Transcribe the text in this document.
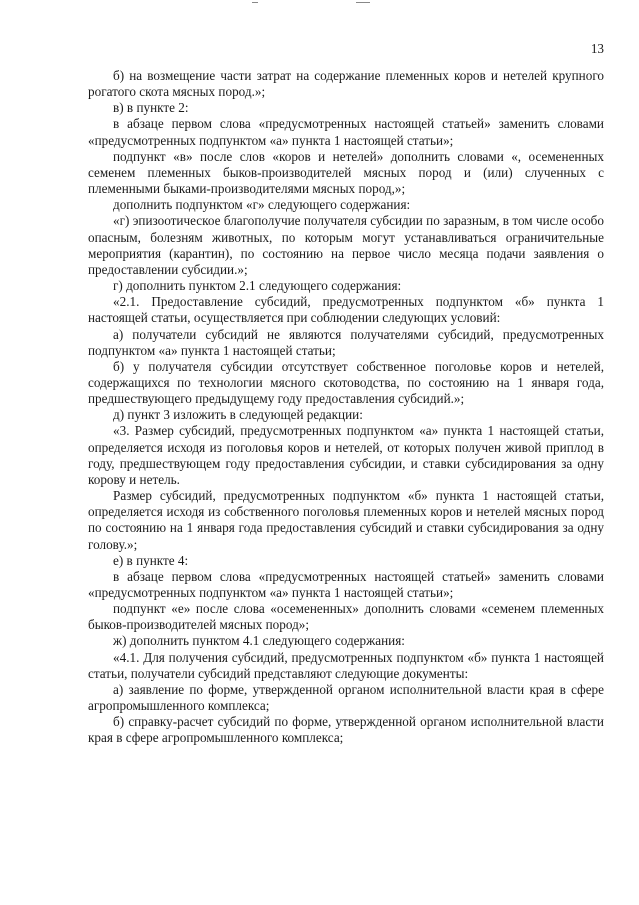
13

б) на возмещение части затрат на содержание племенных коров и нетелей крупного рогатого скота мясных пород.»;

в) в пункте 2:

в абзаце первом слова «предусмотренных настоящей статьей» заменить словами «предусмотренных подпунктом «а» пункта 1 настоящей статьи»;

подпункт «в» после слов «коров и нетелей» дополнить словами «, осемененных семенем племенных быков-производителей мясных пород и (или) слученных с племенными быками-производителями мясных пород,»;

дополнить подпунктом «г» следующего содержания:

«г) эпизоотическое благополучие получателя субсидии по заразным, в том числе особо опасным, болезням животных, по которым могут устанавливаться ограничительные мероприятия (карантин), по состоянию на первое число месяца подачи заявления о предоставлении субсидии.»;

г) дополнить пунктом 2.1 следующего содержания:

«2.1. Предоставление субсидий, предусмотренных подпунктом «б» пункта 1 настоящей статьи, осуществляется при соблюдении следующих условий:

а) получатели субсидий не являются получателями субсидий, предусмотренных подпунктом «а» пункта 1 настоящей статьи;

б) у получателя субсидии отсутствует собственное поголовье коров и нетелей, содержащихся по технологии мясного скотоводства, по состоянию на 1 января года, предшествующего предыдущему году предоставления субсидий.»;

д) пункт 3 изложить в следующей редакции:

«3. Размер субсидий, предусмотренных подпунктом «а» пункта 1 настоящей статьи, определяется исходя из поголовья коров и нетелей, от которых получен живой приплод в году, предшествующем году предоставления субсидии, и ставки субсидирования за одну корову и нетель.

Размер субсидий, предусмотренных подпунктом «б» пункта 1 настоящей статьи, определяется исходя из собственного поголовья племенных коров и нетелей мясных пород по состоянию на 1 января года предоставления субсидий и ставки субсидирования за одну голову.»;

е) в пункте 4:

в абзаце первом слова «предусмотренных настоящей статьей» заменить словами «предусмотренных подпунктом «а» пункта 1 настоящей статьи»;

подпункт «е» после слова «осемененных» дополнить словами «семенем племенных быков-производителей мясных пород»;

ж) дополнить пунктом 4.1 следующего содержания:

«4.1. Для получения субсидий, предусмотренных подпунктом «б» пункта 1 настоящей статьи, получатели субсидий представляют следующие документы:

а) заявление по форме, утвержденной органом исполнительной власти края в сфере агропромышленного комплекса;

б) справку-расчет субсидий по форме, утвержденной органом исполнительной власти края в сфере агропромышленного комплекса;
